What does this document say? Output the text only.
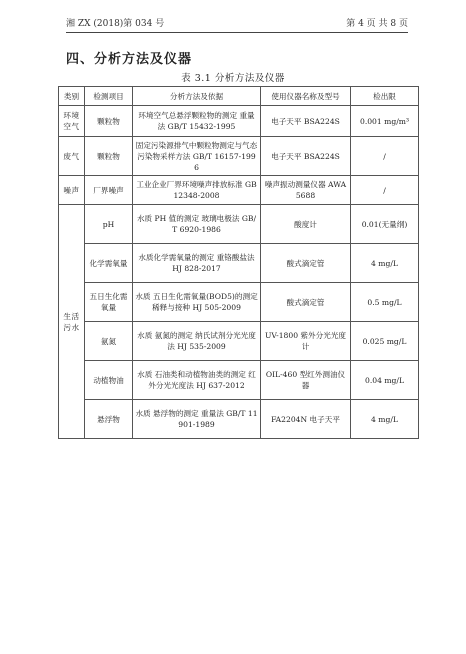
湘 ZX (2018)第 034 号	第 4 页 共 8 页
四、分析方法及仪器
表 3.1 分析方法及仪器
类别	检测项目	分析方法及依据	使用仪器名称及型号	检出限
环境空气	颗粒物	环境空气总悬浮颗粒物的测定 重量法 GB/T 15432-1995	电子天平 BSA224S	0.001 mg/m³
废气	颗粒物	固定污染源排气中颗粒物测定与气态污染物采样方法 GB/T 16157-1996	电子天平 BSA224S	/
噪声	厂界噪声	工业企业厂界环境噪声排放标准 GB 12348-2008	噪声振动测量仪器 AWA5688	/
生活污水	pH	水质 PH 值的测定 玻璃电极法 GB/T 6920-1986	酸度计	0.01(无量纲)
	化学需氧量	水质化学需氧量的测定 重铬酸盐法 HJ 828-2017	酸式滴定管	4 mg/L
	五日生化需氧量	水质 五日生化需氧量(BOD5)的测定 稀释与接种 HJ 505-2009	酸式滴定管	0.5 mg/L
	氨氮	水质 氨氮的测定 纳氏试剂分光光度法 HJ 535-2009	UV-1800 紫外分光光度计	0.025 mg/L
	动植物油	水质 石油类和动植物油类的测定 红外分光光度法 HJ 637-2012	OIL-460 型红外测油仪器	0.04 mg/L
	悬浮物	水质 悬浮物的测定 重量法 GB/T 11901-1989	FA2204N 电子天平	4 mg/L
